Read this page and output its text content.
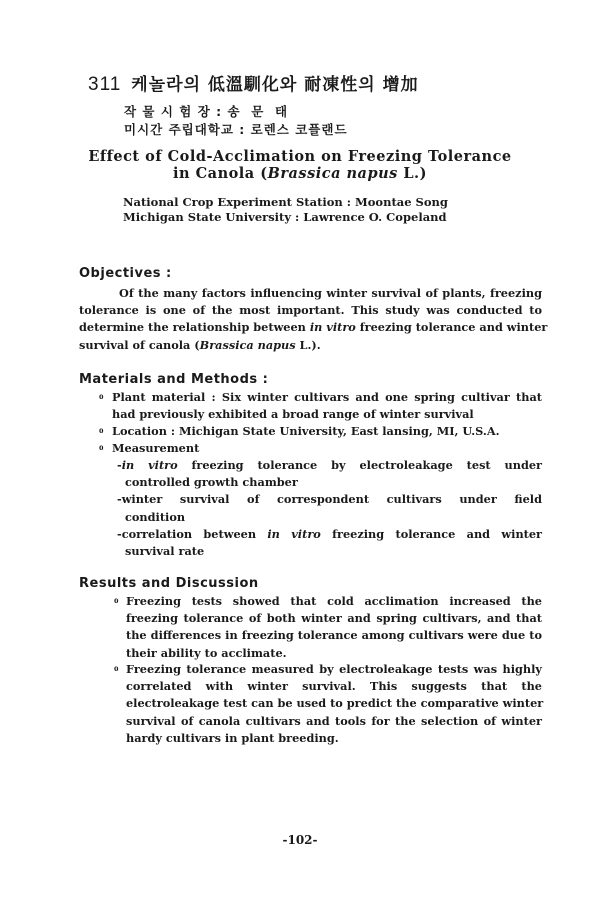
311 케놀라의 低溫馴化와 耐凍性의 增加
작 물 시 험 장 : 송  문  태
미시간 주립대학교 : 로렌스 코플랜드
Effect of Cold-Acclimation on Freezing Tolerance
in Canola (Brassica napus L.)
National Crop Experiment Station : Moontae Song
Michigan State University : Lawrence O. Copeland
Objectives :
Of the many factors influencing winter survival of plants, freezing
tolerance is one of the most important. This study was conducted to
determine the relationship between in vitro freezing tolerance and winter
survival of canola (Brassica napus L.).
Materials and Methods :
o Plant material : Six winter cultivars and one spring cultivar that
had previously exhibited a broad range of winter survival
o Location : Michigan State University, East lansing, MI, U.S.A.
o Measurement
-in vitro freezing tolerance by electroleakage test under
controlled growth chamber
-winter survival of correspondent cultivars under field
condition
-correlation between in vitro freezing tolerance and winter
survival rate
Results and Discussion
o Freezing tests showed that cold acclimation increased the
freezing tolerance of both winter and spring cultivars, and that
the differences in freezing tolerance among cultivars were due to
their ability to acclimate.
o Freezing tolerance measured by electroleakage tests was highly
correlated with winter survival. This suggests that the
electroleakage test can be used to predict the comparative winter
survival of canola cultivars and tools for the selection of winter
hardy cultivars in plant breeding.
-102-
